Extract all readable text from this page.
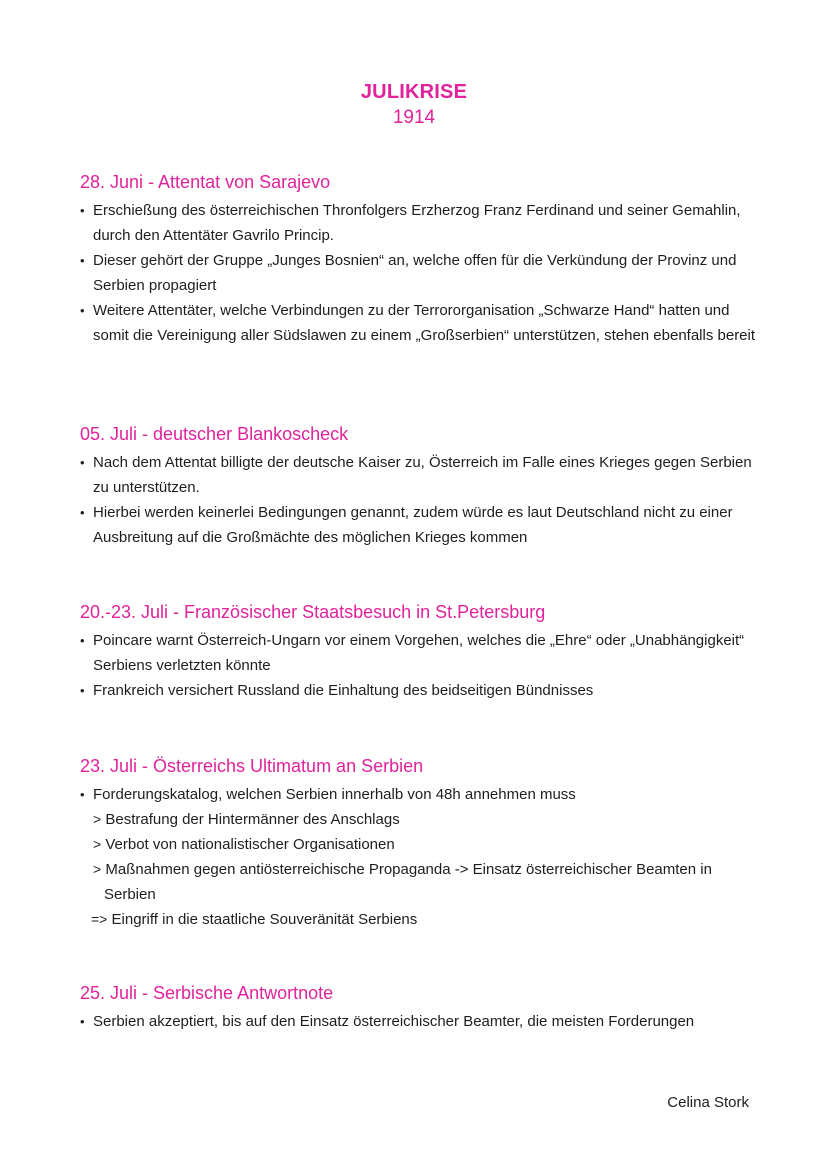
JULIKRISE
1914
28. Juni - Attentat von Sarajevo
• Erschießung des österreichischen Thronfolgers Erzherzog Franz Ferdinand und seiner Gemahlin, durch den Attentäter Gavrilo Princip.
• Dieser gehört der Gruppe „Junges Bosnien“ an, welche offen für die Verkündung der Provinz und Serbien propagiert
• Weitere Attentäter, welche Verbindungen zu der Terrororganisation „Schwarze Hand“ hatten und somit die Vereinigung aller Südslawen zu einem „Großserbien“ unterstützen, stehen ebenfalls bereit
05. Juli - deutscher Blankoscheck
• Nach dem Attentat billigte der deutsche Kaiser zu, Österreich im Falle eines Krieges gegen Serbien zu unterstützen.
• Hierbei werden keinerlei Bedingungen genannt, zudem würde es laut Deutschland nicht zu einer Ausbreitung auf die Großmächte des möglichen Krieges kommen
20.-23. Juli - Französischer Staatsbesuch in St.Petersburg
• Poincare warnt Österreich-Ungarn vor einem Vorgehen, welches die „Ehre“ oder „Unabhängigkeit“ Serbiens verletzten könnte
• Frankreich versichert Russland die Einhaltung des beidseitigen Bündnisses
23. Juli - Österreichs Ultimatum an Serbien
• Forderungskatalog, welchen Serbien innerhalb von 48h annehmen muss
> Bestrafung der Hintermänner des Anschlags
> Verbot von nationalistischer Organisationen
> Maßnahmen gegen antiösterreichische Propaganda -> Einsatz österreichischer Beamten in Serbien
=> Eingriff in die staatliche Souveränität Serbiens
25. Juli - Serbische Antwortnote
• Serbien akzeptiert, bis auf den Einsatz österreichischer Beamter, die meisten Forderungen
Celina Stork
